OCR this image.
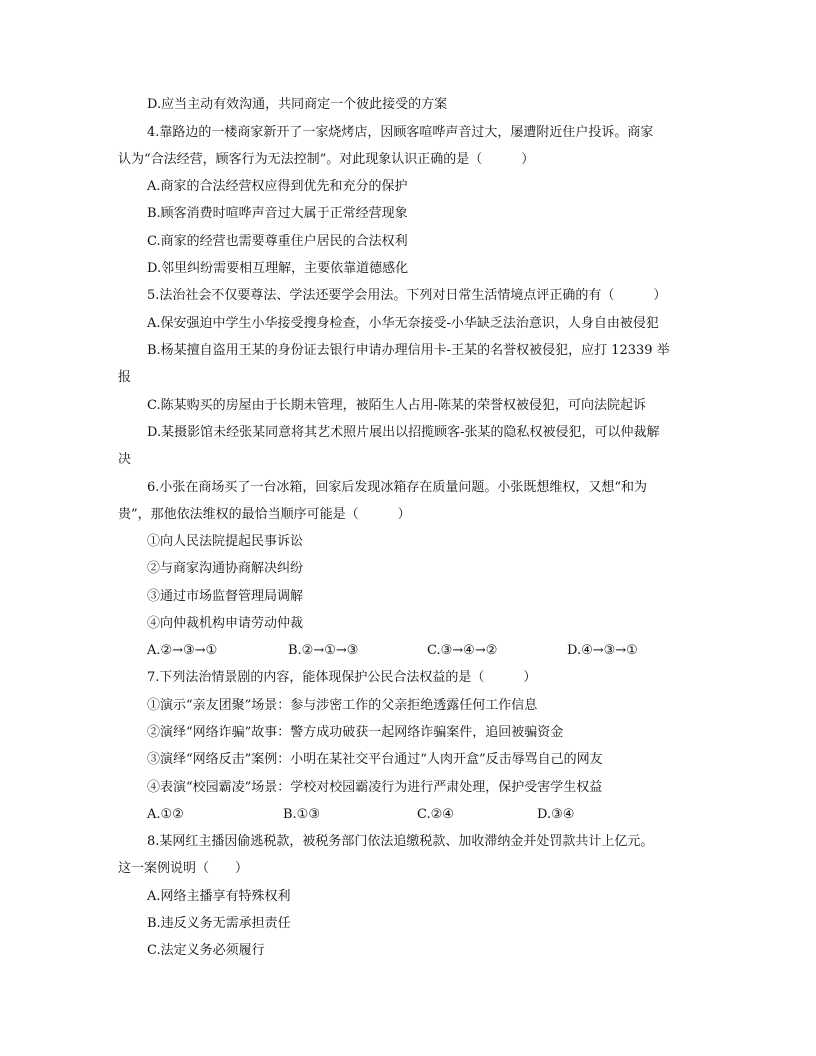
D.应当主动有效沟通，共同商定一个彼此接受的方案
4.靠路边的一楼商家新开了一家烧烤店，因顾客喧哗声音过大，屡遭附近住户投诉。商家
认为“合法经营，顾客行为无法控制”。对此现象认识正确的是（　　　）
A.商家的合法经营权应得到优先和充分的保护
B.顾客消费时喧哗声音过大属于正常经营现象
C.商家的经营也需要尊重住户居民的合法权利
D.邻里纠纷需要相互理解，主要依靠道德感化
5.法治社会不仅要尊法、学法还要学会用法。下列对日常生活情境点评正确的有（　　　）
A.保安强迫中学生小华接受搜身检查，小华无奈接受-小华缺乏法治意识，人身自由被侵犯
B.杨某擅自盗用王某的身份证去银行申请办理信用卡-王某的名誉权被侵犯，应打 12339 举
报
C.陈某购买的房屋由于长期未管理，被陌生人占用-陈某的荣誉权被侵犯，可向法院起诉
D.某摄影馆未经张某同意将其艺术照片展出以招揽顾客-张某的隐私权被侵犯，可以仲裁解
决
6.小张在商场买了一台冰箱，回家后发现冰箱存在质量问题。小张既想维权，又想“和为
贵”，那他依法维权的最恰当顺序可能是（　　　）
①向人民法院提起民事诉讼
②与商家沟通协商解决纠纷
③通过市场监督管理局调解
④向仲裁机构申请劳动仲裁
A.②→③→①	B.②→①→③	C.③→④→②	D.④→③→①
7.下列法治情景剧的内容，能体现保护公民合法权益的是（　　　）
①演示“亲友团聚”场景：参与涉密工作的父亲拒绝透露任何工作信息
②演绎“网络诈骗”故事：警方成功破获一起网络诈骗案件，追回被骗资金
③演绎“网络反击”案例：小明在某社交平台通过“人肉开盒”反击辱骂自己的网友
④表演“校园霸凌”场景：学校对校园霸凌行为进行严肃处理，保护受害学生权益
A.①②	B.①③	C.②④	D.③④
8.某网红主播因偷逃税款，被税务部门依法追缴税款、加收滞纳金并处罚款共计上亿元。
这一案例说明（　　）
A.网络主播享有特殊权利
B.违反义务无需承担责任
C.法定义务必须履行
